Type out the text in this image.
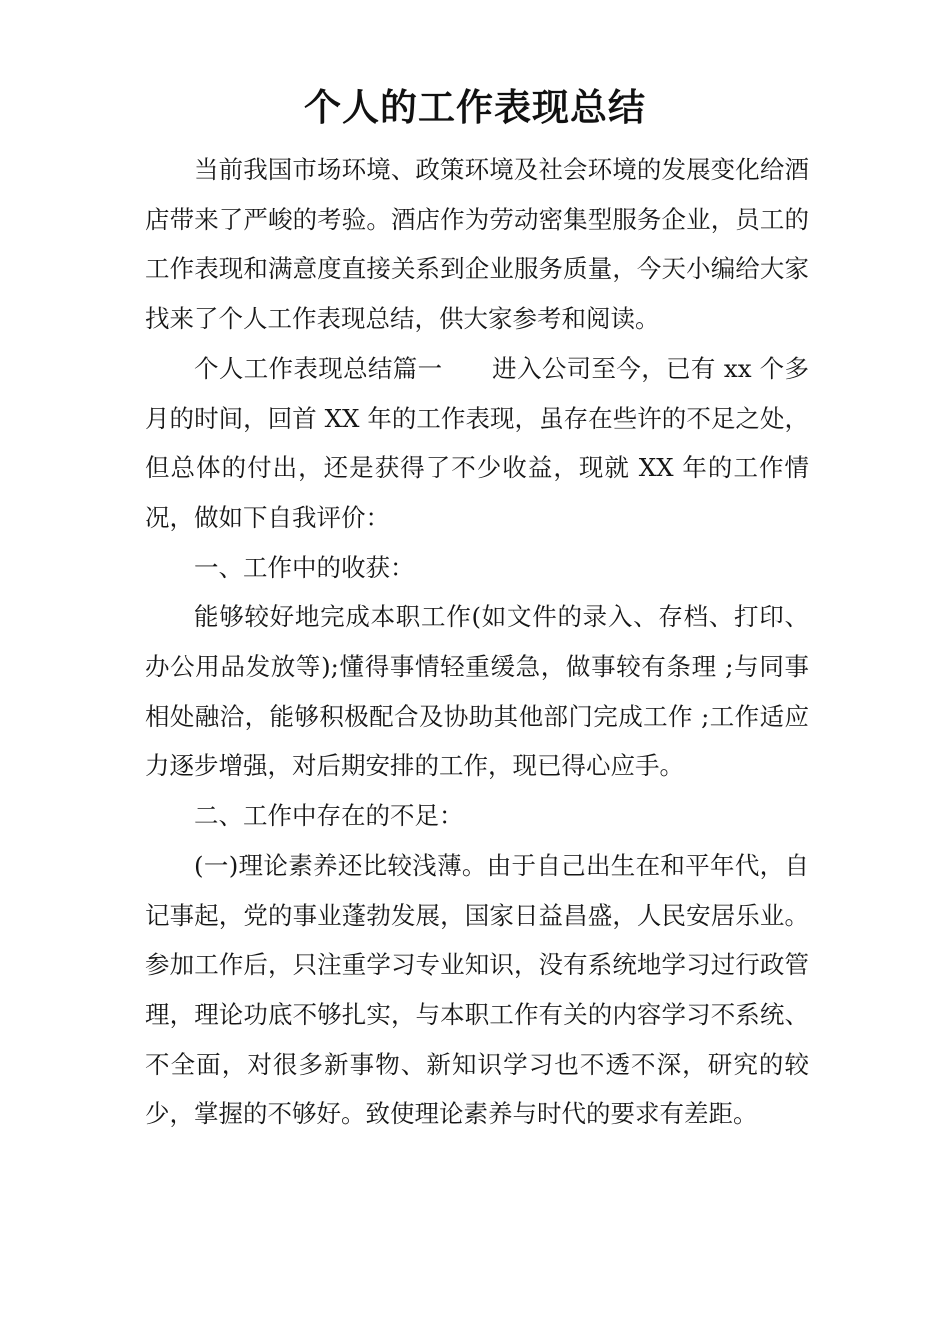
个人的工作表现总结

当前我国市场环境、政策环境及社会环境的发展变化给酒店带来了严峻的考验。酒店作为劳动密集型服务企业，员工的工作表现和满意度直接关系到企业服务质量，今天小编给大家找来了个人工作表现总结，供大家参考和阅读。

个人工作表现总结篇一　　进入公司至今，已有 xx 个多月的时间，回首 XX 年的工作表现，虽存在些许的不足之处，但总体的付出，还是获得了不少收益，现就 XX 年的工作情况，做如下自我评价：

一、工作中的收获：

能够较好地完成本职工作(如文件的录入、存档、打印、办公用品发放等);懂得事情轻重缓急，做事较有条理 ;与同事相处融洽，能够积极配合及协助其他部门完成工作 ;工作适应力逐步增强，对后期安排的工作，现已得心应手。

二、工作中存在的不足：

(一)理论素养还比较浅薄。由于自己出生在和平年代，自记事起，党的事业蓬勃发展，国家日益昌盛，人民安居乐业。参加工作后，只注重学习专业知识，没有系统地学习过行政管理，理论功底不够扎实，与本职工作有关的内容学习不系统、不全面，对很多新事物、新知识学习也不透不深，研究的较少，掌握的不够好。致使理论素养与时代的要求有差距。
